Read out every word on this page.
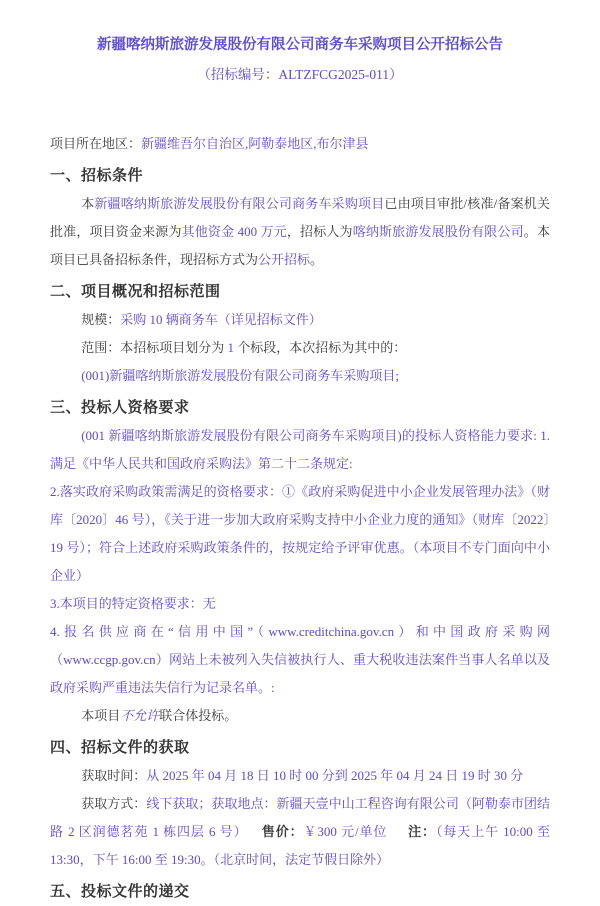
新疆喀纳斯旅游发展股份有限公司商务车采购项目公开招标公告
（招标编号：ALTZFCG2025-011）

项目所在地区：新疆维吾尔自治区,阿勒泰地区,布尔津县

一、招标条件

本新疆喀纳斯旅游发展股份有限公司商务车采购项目已由项目审批/核准/备案机关批准，项目资金来源为其他资金 400 万元，招标人为喀纳斯旅游发展股份有限公司。本项目已具备招标条件，现招标方式为公开招标。

二、项目概况和招标范围

规模：采购 10 辆商务车（详见招标文件）

范围：本招标项目划分为 1 个标段，本次招标为其中的：

(001)新疆喀纳斯旅游发展股份有限公司商务车采购项目;

三、投标人资格要求

(001 新疆喀纳斯旅游发展股份有限公司商务车采购项目)的投标人资格能力要求: 1.满足《中华人民共和国政府采购法》第二十二条规定:

2.落实政府采购政策需满足的资格要求：①《政府采购促进中小企业发展管理办法》（财库〔2020〕46 号），《关于进一步加大政府采购支持中小企业力度的通知》（财库〔2022〕19 号）；符合上述政府采购政策条件的，按规定给予评审优惠。（本项目不专门面向中小企业）

3.本项目的特定资格要求：无

4.报名供应商在“信用中国”（www.creditchina.gov.cn）和中国政府采购网（www.ccgp.gov.cn）网站上未被列入失信被执行人、重大税收违法案件当事人名单以及政府采购严重违法失信行为记录名单。:

本项目不允许联合体投标。

四、招标文件的获取

获取时间：从 2025 年 04 月 18 日 10 时 00 分到 2025 年 04 月 24 日 19 时 30 分

获取方式：线下获取；获取地点：新疆天壹中山工程咨询有限公司（阿勒泰市团结路 2 区润德茗苑 1 栋四层 6 号） 售价：￥300 元/单位 注：（每天上午 10:00 至 13:30，下午 16:00 至 19:30。（北京时间，法定节假日除外）

五、投标文件的递交
